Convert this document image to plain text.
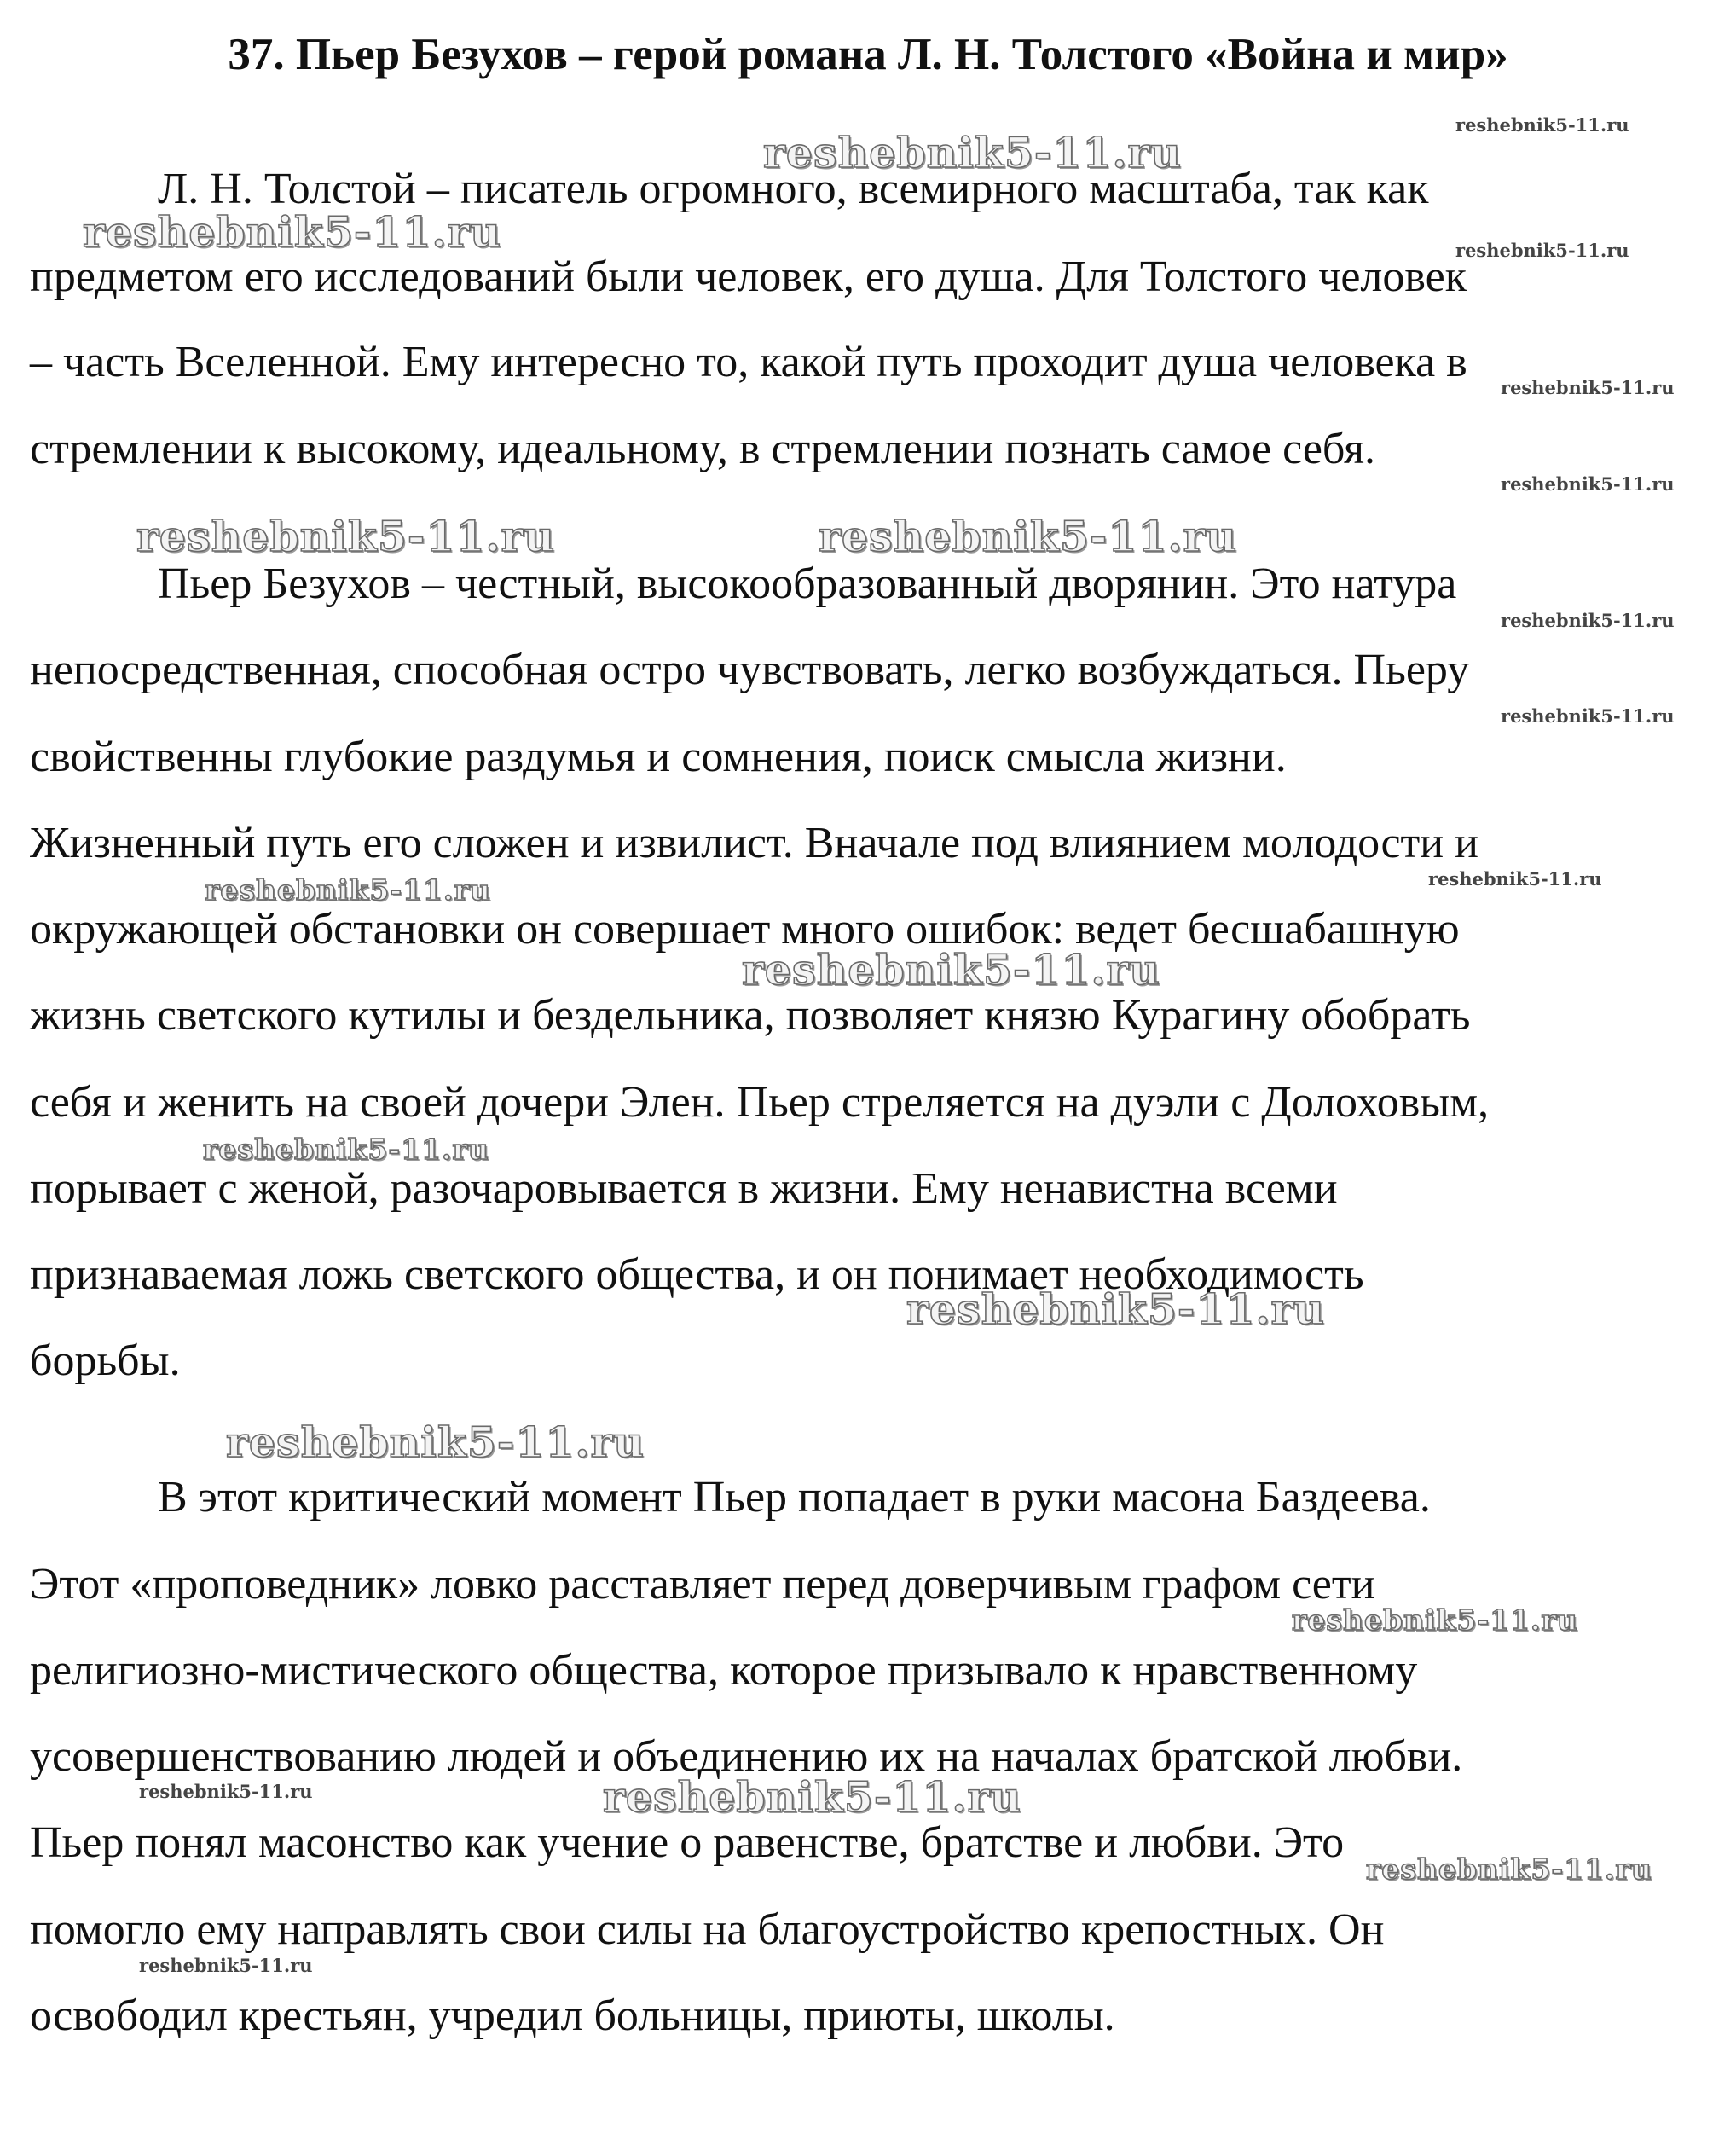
37. Пьер Безухов – герой романа Л. Н. Толстого «Война и мир»
Л. Н. Толстой – писатель огромного, всемирного масштаба, так как
предметом его исследований были человек, его душа. Для Толстого человек
– часть Вселенной. Ему интересно то, какой путь проходит душа человека в
стремлении к высокому, идеальному, в стремлении познать самое себя.
Пьер Безухов – честный, высокообразованный дворянин. Это натура
непосредственная, способная остро чувствовать, легко возбуждаться. Пьеру
свойственны глубокие раздумья и сомнения, поиск смысла жизни.
Жизненный путь его сложен и извилист. Вначале под влиянием молодости и
окружающей обстановки он совершает много ошибок: ведет бесшабашную
жизнь светского кутилы и бездельника, позволяет князю Курагину обобрать
себя и женить на своей дочери Элен. Пьер стреляется на дуэли с Долоховым,
порывает с женой, разочаровывается в жизни. Ему ненавистна всеми
признаваемая ложь светского общества, и он понимает необходимость
борьбы.
В этот критический момент Пьер попадает в руки масона Баздеева.
Этот «проповедник» ловко расставляет перед доверчивым графом сети
религиозно-мистического общества, которое призывало к нравственному
усовершенствованию людей и объединению их на началах братской любви.
Пьер понял масонство как учение о равенстве, братстве и любви. Это
помогло ему направлять свои силы на благоустройство крепостных. Он
освободил крестьян, учредил больницы, приюты, школы.
reshebnik5-11.ru
reshebnik5-11.ru
reshebnik5-11.ru	reshebnik5-11.ru
reshebnik5-11.ru
reshebnik5-11.ru
reshebnik5-11.ru	reshebnik5-11.ru
reshebnik5-11.ru
reshebnik5-11.ru
reshebnik5-11.ru	reshebnik5-11.ru
reshebnik5-11.ru
reshebnik5-11.ru
reshebnik5-11.ru
reshebnik5-11.ru
reshebnik5-11.ru
reshebnik5-11.ru	reshebnik5-11.ru
reshebnik5-11.ru
reshebnik5-11.ru
